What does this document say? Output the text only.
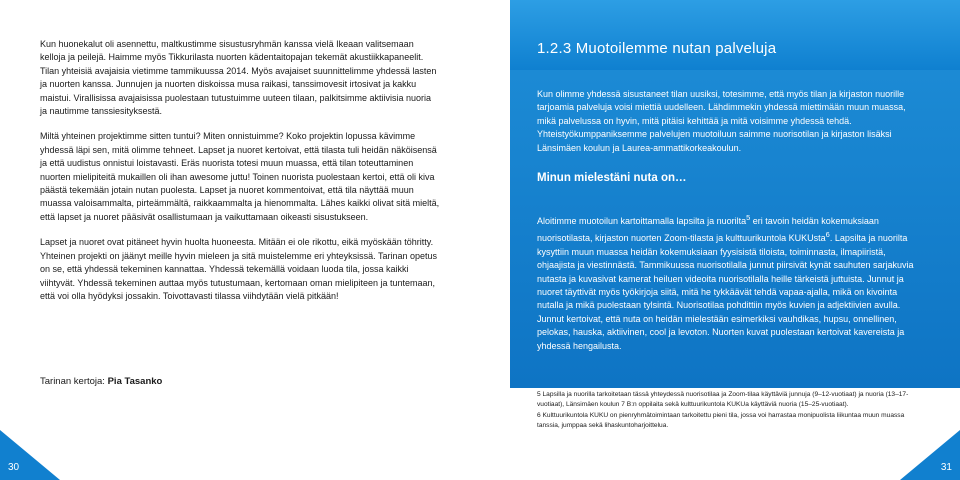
Kun huonekalut oli asennettu, maltkustimme sisustusryhmän kanssa vielä Ikeaan valitsemaan kelloja ja peilejä. Haimme myös Tikkurilasta nuorten kädentaitopajan tekemät akustiikkapaneelit. Tilan yhteisiä avajaisia vietimme tammikuussa 2014. Myös avajaiset suunnittelimme yhdessä lasten ja nuorten kanssa. Junnujen ja nuorten diskoissa musa raikasi, tanssimovesit irtosivat ja kakku maistui. Virallisissa avajaisissa puolestaan tutustuimme uuteen tilaan, palkitsimme aktiivisia nuoria ja nautimme tanssiesityksestä.

Miltä yhteinen projektimme sitten tuntui? Miten onnistuimme? Koko projektin lopussa kävimme yhdessä läpi sen, mitä olimme tehneet. Lapset ja nuoret kertoivat, että tilasta tuli heidän näköisensä ja että uudistus onnistui loistavasti. Eräs nuorista totesi muun muassa, että tilan toteuttaminen nuorten mielipiteitä mukaillen oli ihan awesome juttu! Toinen nuorista puolestaan kertoi, että oli kiva päästä tekemään jotain nutan puolesta. Lapset ja nuoret kommentoivat, että tila näyttää muun muassa valoisammalta, pirteämmältä, raikkaammalta ja hienommalta. Lähes kaikki olivat sitä mieltä, että lapset ja nuoret pääsivät osallistumaan ja vaikuttamaan oikeasti sisustukseen.

Lapset ja nuoret ovat pitäneet hyvin huolta huoneesta. Mitään ei ole rikottu, eikä myöskään töhritty. Yhteinen projekti on jäänyt meille hyvin mieleen ja sitä muistelemme eri yhteyksissä. Tarinan opetus on se, että yhdessä tekeminen kannattaa. Yhdessä tekemällä voidaan luoda tila, jossa kaikki viihtyvät. Yhdessä tekeminen auttaa myös tutustumaan, kertomaan oman mielipiteen ja tuntemaan, että voi olla hyödyksi jossakin. Toivottavasti tilassa viihdytään vielä pitkään!

Tarinan kertoja: Pia Tasanko
30
1.2.3 Muotoilemme nutan palveluja

Kun olimme yhdessä sisustaneet tilan uusiksi, totesimme, että myös tilan ja kirjaston nuorille tarjoamia palveluja voisi miettiä uudelleen. Lähdimmekin yhdessä miettimään muun muassa, mikä palvelussa on hyvin, mitä pitäisi kehittää ja mitä voisimme yhdessä tehdä. Yhteistyökumppaniksemme palvelujen muotoiluun saimme nuorisotilan ja kirjaston lisäksi Länsimäen koulun ja Laurea-ammattikorkeakoulun.

Minun mielestäni nuta on…

Aloitimme muotoilun kartoittamalla lapsilta ja nuorilta$^5$ eri tavoin heidän kokemuksiaan nuorisotilasta, kirjaston nuorten Zoom-tilasta ja kulttuurikuntola KUKUsta$^6$. Lapsilta ja nuorilta kysyttiin muun muassa heidän kokemuksiaan fyysisistä tiloista, toiminnasta, ilmapiiristä, ohjaajista ja viestinnästä. Tammikuussa nuorisotilalla junnut piirsivät kynät sauhuten sarjakuvia nutasta ja kuvasivat kamerat heiluen videoita nuorisotilalla heille tärkeistä juttuista. Junnut ja nuoret täyttivät myös työkirjoja siitä, mitä he tykkäävät tehdä vapaa-ajalla, mikä on kivointa nutalla ja mikä puolestaan tylsintä. Nuorisotilaa pohdittiin myös kuvien ja adjektiivien avulla. Junnut kertoivat, että nuta on heidän mielestään esimerkiksi vauhdikas, hupsu, onnellinen, pelokas, hauska, aktiivinen, cool ja levoton. Nuorten kuvat puolestaan kertoivat kavereista ja yhdessä hengailusta.

5 Lapsilla ja nuorilla tarkoitetaan tässä yhteydessä nuorisotilaa ja Zoom-tilaa käyttäviä junnuja (9–12-vuotiaat) ja nuoria (13–17-vuotiaat), Länsimäen koulun 7 B:n oppilaita sekä kulttuurikuntola KUKUa käyttäviä nuoria (15–25-vuotiaat).

6 Kulttuurikuntola KUKU on pienryhmätoimintaan tarkoitettu pieni tila, jossa voi harrastaa monipuolista liikuntaa muun muassa tanssia, jumppaa sekä lihaskuntoharjoittelua.

31
